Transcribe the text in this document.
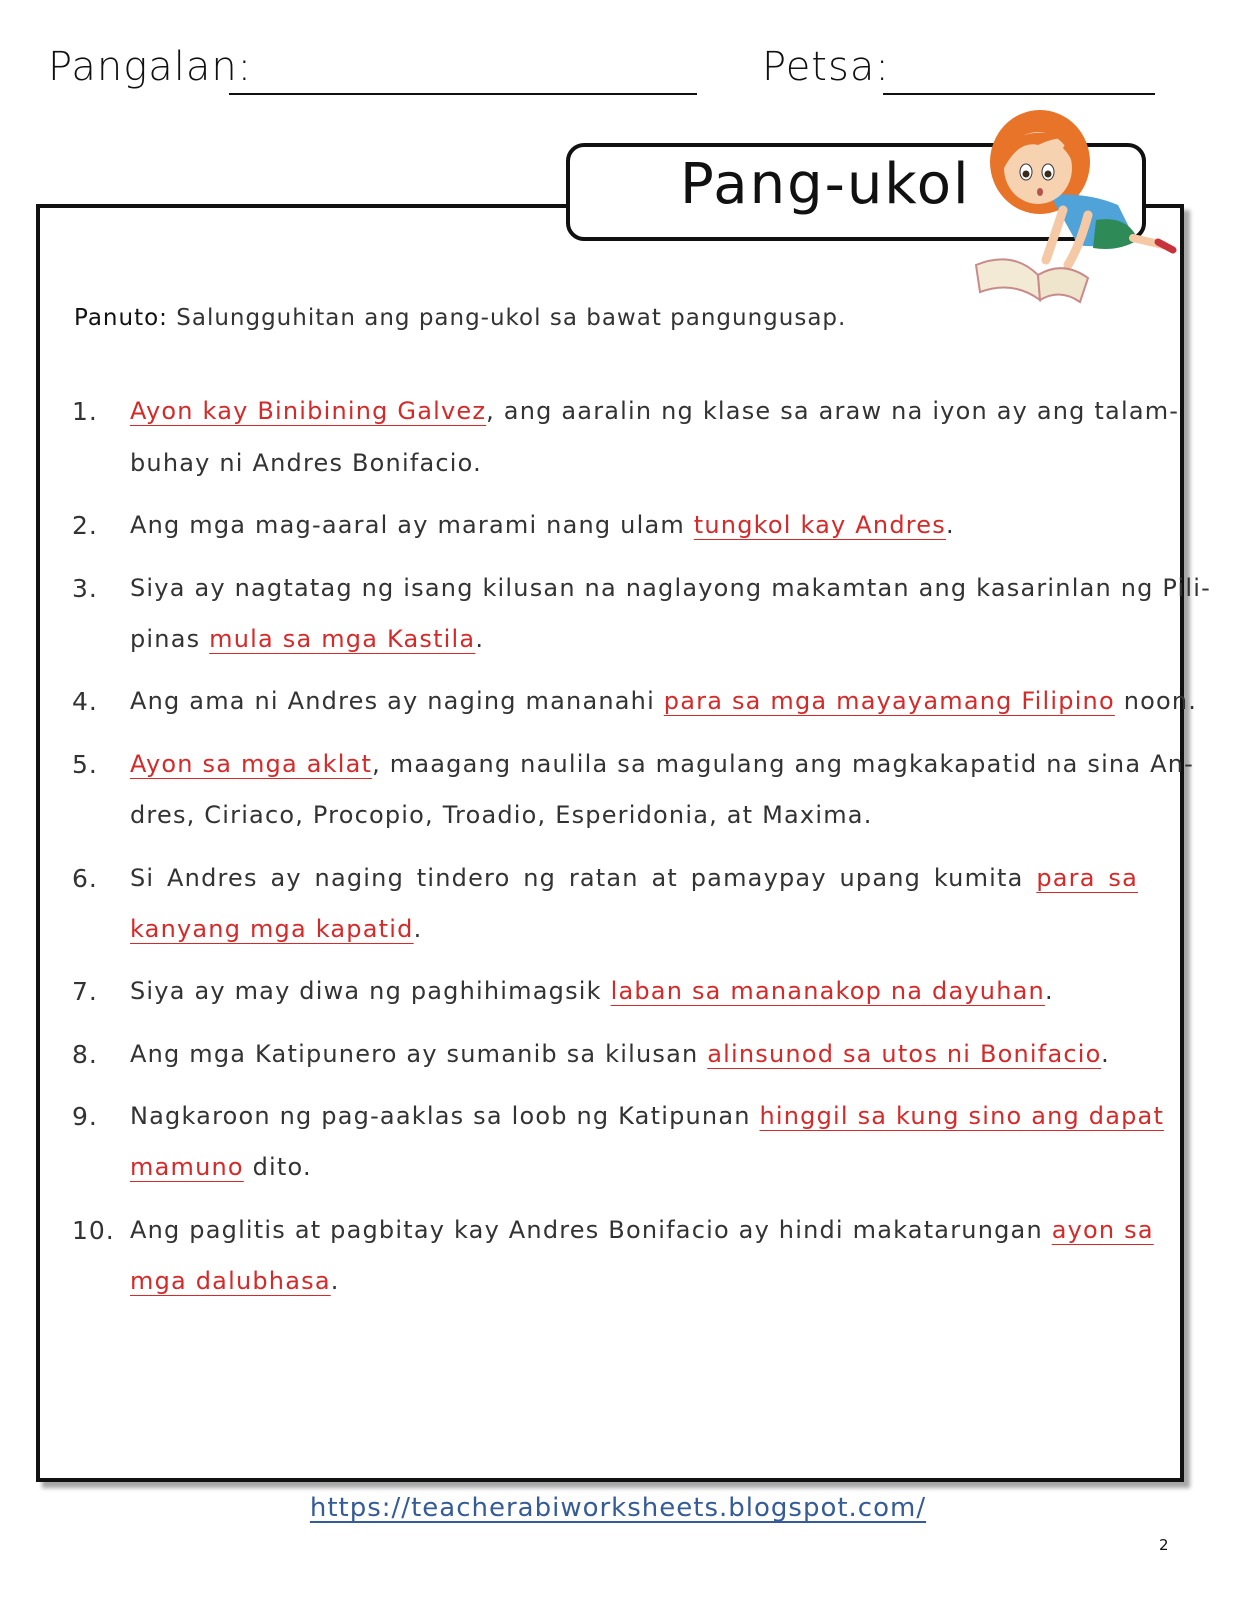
Pangalan:	Petsa:
Pang-ukol
Panuto: Salungguhitan ang pang-ukol sa bawat pangungusap.
1. Ayon kay Binibining Galvez, ang aaralin ng klase sa araw na iyon ay ang talam-
buhay ni Andres Bonifacio.
2. Ang mga mag-aaral ay marami nang ulam tungkol kay Andres.
3. Siya ay nagtatag ng isang kilusan na naglayong makamtan ang kasarinlan ng Pili-
pinas mula sa mga Kastila.
4. Ang ama ni Andres ay naging mananahi para sa mga mayayamang Filipino noon.
5. Ayon sa mga aklat, maagang naulila sa magulang ang magkakapatid na sina An-
dres, Ciriaco, Procopio, Troadio, Esperidonia, at Maxima.
6. Si Andres ay naging tindero ng ratan at pamaypay upang kumita para sa
kanyang mga kapatid.
7. Siya ay may diwa ng paghihimagsik laban sa mananakop na dayuhan.
8. Ang mga Katipunero ay sumanib sa kilusan alinsunod sa utos ni Bonifacio.
9. Nagkaroon ng pag-aaklas sa loob ng Katipunan hinggil sa kung sino ang dapat
mamuno dito.
10. Ang paglitis at pagbitay kay Andres Bonifacio ay hindi makatarungan ayon sa
mga dalubhasa.
https://teacherabiworksheets.blogspot.com/
2
